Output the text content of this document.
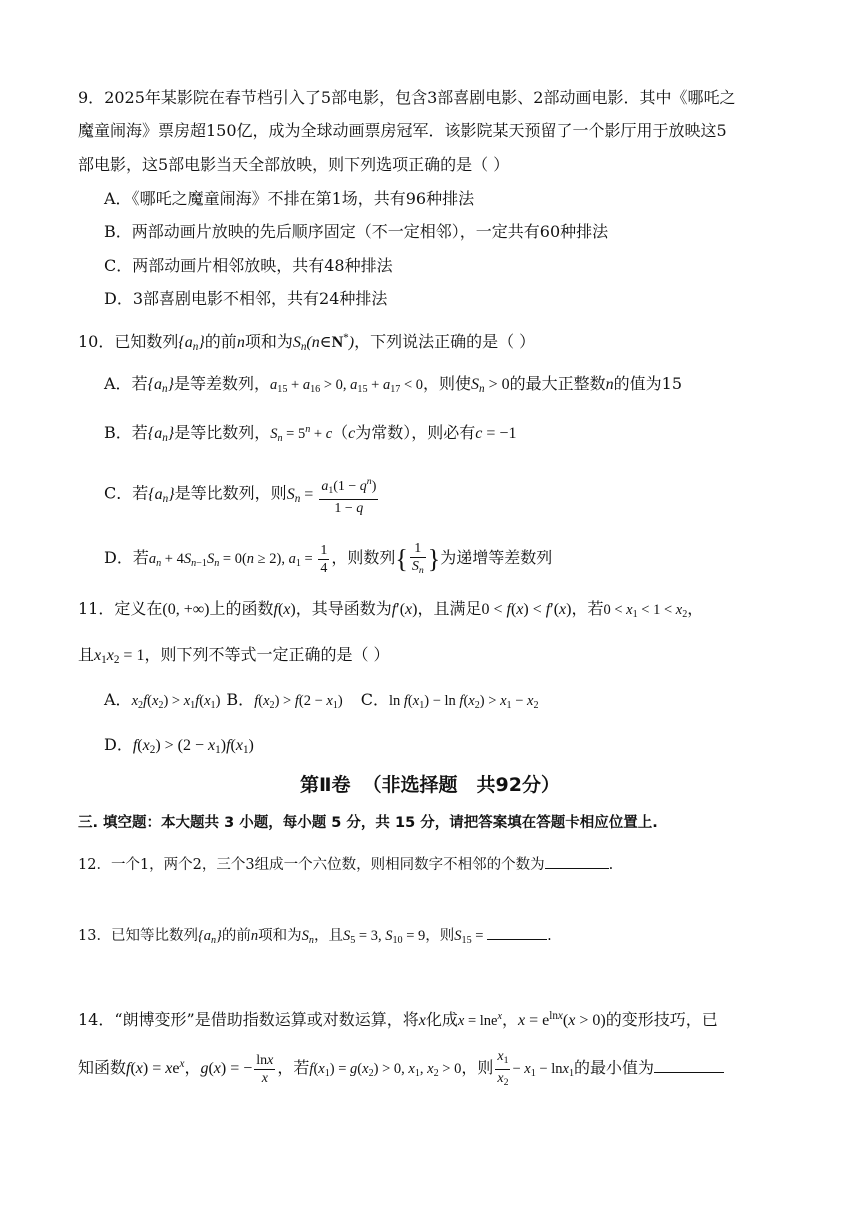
9．2025年某影院在春节档引入了5部电影，包含3部喜剧电影、2部动画电影．其中《哪吒之
魔童闹海》票房超150亿，成为全球动画票房冠军．该影院某天预留了一个影厅用于放映这5
部电影，这5部电影当天全部放映，则下列选项正确的是（ ）
A．《哪吒之魔童闹海》不排在第1场，共有96种排法
B．两部动画片放映的先后顺序固定（不一定相邻），一定共有60种排法
C．两部动画片相邻放映，共有48种排法
D．3部喜剧电影不相邻，共有24种排法
10．已知数列$\{a_n\}$的前n项和为$S_n(n\in N^*)$，下列说法正确的是（ ）
A．若$\{a_n\}$是等差数列，$a_{15} + a_{16} > 0$, $a_{15} + a_{17} < 0$，则使$S_n > 0$的最大正整数n的值为15
B．若$\{a_n\}$是等比数列，$S_n = 5^n + c(c$为常数），则必有c = −1
C．若$\{a_n\}$是等比数列，则$S_n = \frac{a_1(1 - q^n)}{1 - q}$
D．若$a_n + 4S_{n-1}S_n = 0(n \ge 2)$, $a_1 = \frac{1}{4}$ ，则数列{ $\frac{1}{S_n}$ }为递增等差数列
11．定义在(0, +∞)上的函数f(x)，其导函数为f′(x)，且满足0 < f(x) < f′(x)，若$0 < x_1 < 1 < x_2$，
且$x_1x_2 = 1$，则下列不等式一定正确的是（ ）
A．$x_2f(x_2) > x_1f(x_1)$ B．$f(x_2) > f(2 - x_1)$ C．$\ln f(x_1) - \ln f(x_2) > x_1 - x_2$
D．$f(x_2) > (2 - x_1)f(x_1)$
第Ⅱ卷 （非选择题　共92分）
三. 填空题：本大题共 3 小题，每小题 5 分，共 15 分，请把答案填在答题卡相应位置上.
12．一个1，两个2，三个3组成一个六位数，则相同数字不相邻的个数为	.
13．已知等比数列$\{a_n\}$的前n项和为$S_n$，且$S_5 = 3$, $S_{10} = 9$，则$S_{15}$ =	.
14．“朗博变形”是借助指数运算或对数运算，将x化成x = lne$^x$，$x = e^{lnx}(x > 0)$的变形技巧，已
知函数$f(x) = xe^x$，g(x) = − $\frac{\ln x}{x}$ ，若$f(x_1) = g(x_2) > 0$, $x_1$, $x_2 > 0$，则 $\frac{x_1}{x_2} - x_1 - \ln x_1$的最小值为
